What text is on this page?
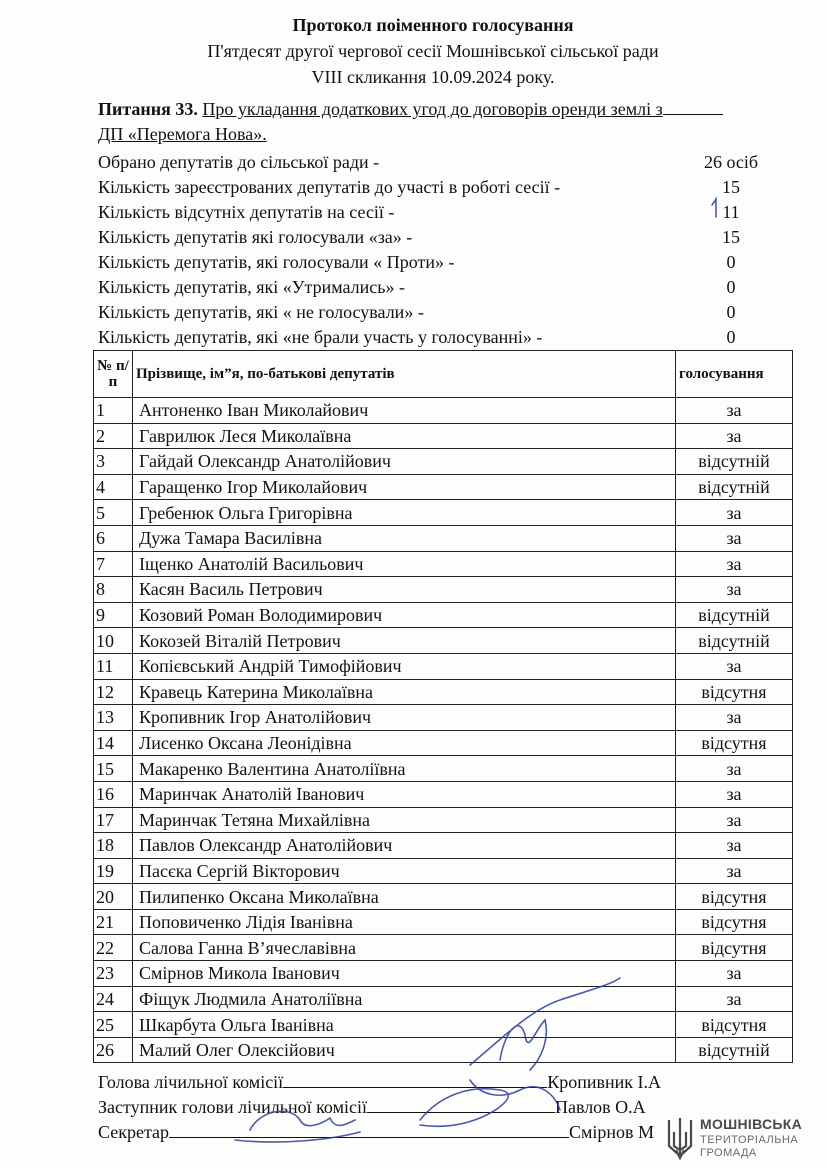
Протокол поіменного голосування
П'ятдесят другої чергової сесії Мошнівської сільської ради
VIII скликання 10.09.2024 року.
Питання 33. Про укладання додаткових угод до договорів оренди землі з
ДП «Перемога Нова».
Обрано депутатів до сільської ради -	26 осіб
Кількість зареєстрованих депутатів до участі в роботі сесії -	15
Кількість відсутніх депутатів на сесії -	11
Кількість депутатів які голосували «за» -	15
Кількість депутатів, які голосували « Проти» -	0
Кількість депутатів, які «Утримались» -	0
Кількість депутатів, які « не голосували» -	0
Кількість депутатів, які «не брали участь у голосуванні» -	0
№ п/п	Прізвище, ім”я, по-батькові депутатів	голосування
1	Антоненко Іван Миколайович	за
2	Гаврилюк Леся Миколаївна	за
3	Гайдай Олександр Анатолійович	відсутній
4	Гаращенко Ігор Миколайович	відсутній
5	Гребенюк Ольга Григорівна	за
6	Дужа Тамара Василівна	за
7	Іщенко Анатолій Васильович	за
8	Касян Василь Петрович	за
9	Козовий Роман Володимирович	відсутній
10	Кокозей Віталій Петрович	відсутній
11	Копієвський Андрій Тимофійович	за
12	Кравець Катерина Миколаївна	відсутня
13	Кропивник Ігор Анатолійович	за
14	Лисенко Оксана Леонідівна	відсутня
15	Макаренко Валентина Анатоліївна	за
16	Маринчак Анатолій Іванович	за
17	Маринчак Тетяна Михайлівна	за
18	Павлов Олександр Анатолійович	за
19	Пасєка Сергій Вікторович	за
20	Пилипенко Оксана Миколаївна	відсутня
21	Поповиченко Лідія Іванівна	відсутня
22	Салова Ганна В’ячеславівна	відсутня
23	Смірнов Микола Іванович	за
24	Фіщук Людмила Анатоліївна	за
25	Шкарбута Ольга Іванівна	відсутня
26	Малий Олег Олексійович	відсутній
Голова лічильної комісії	Кропивник І.А
Заступник голови лічильної комісії	Павлов О.А
Секретар	Смірнов М	МОШНІВСЬКА
ТЕРИТОРІАЛЬНА
ГРОМАДА
